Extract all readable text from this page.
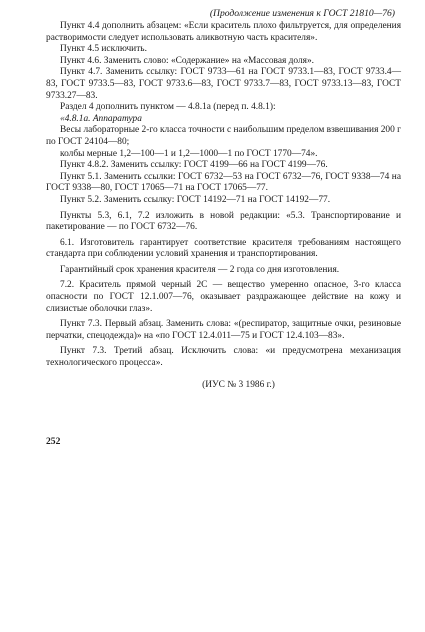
(Продолжение изменения к ГОСТ 21810—76)

Пункт 4.4 дополнить абзацем: «Если краситель плохо фильтруется, для определения растворимости следует использовать аликвотную часть красителя».

Пункт 4.5 исключить.

Пункт 4.6. Заменить слово: «Содержание» на «Массовая доля».

Пункт 4.7. Заменить ссылку: ГОСТ 9733—61 на ГОСТ 9733.1—83, ГОСТ 9733.4—83, ГОСТ 9733.5—83, ГОСТ 9733.6—83, ГОСТ 9733.7—83, ГОСТ 9733.13—83, ГОСТ 9733.27—83.

Раздел 4 дополнить пунктом — 4.8.1а (перед п. 4.8.1):

«4.8.1а. Аппаратура

Весы лабораторные 2-го класса точности с наибольшим пределом взвешивания 200 г по ГОСТ 24104—80;

колбы мерные 1,2—100—1 и 1,2—1000—1 по ГОСТ 1770—74».

Пункт 4.8.2. Заменить ссылку: ГОСТ 4199—66 на ГОСТ 4199—76.

Пункт 5.1. Заменить ссылки: ГОСТ 6732—53 на ГОСТ 6732—76, ГОСТ 9338—74 на ГОСТ 9338—80, ГОСТ 17065—71 на ГОСТ 17065—77.

Пункт 5.2. Заменить ссылку: ГОСТ 14192—71 на ГОСТ 14192—77.

Пункты 5.3, 6.1, 7.2 изложить в новой редакции: «5.3. Транспортирование и пакетирование — по ГОСТ 6732—76.

6.1. Изготовитель гарантирует соответствие красителя требованиям настоящего стандарта при соблюдении условий хранения и транспортирования.

Гарантийный срок хранения красителя — 2 года со дня изготовления.

7.2. Краситель прямой черный 2С — вещество умеренно опасное, 3-го класса опасности по ГОСТ 12.1.007—76, оказывает раздражающее действие на кожу и слизистые оболочки глаз».

Пункт 7.3. Первый абзац. Заменить слова: «(респиратор, защитные очки, резиновые перчатки, спецодежда)» на «по ГОСТ 12.4.011—75 и ГОСТ 12.4.103—83».

Пункт 7.3. Третий абзац. Исключить слова: «и предусмотрена механизация технологического процесса».

(ИУС № 3 1986 г.)

252
